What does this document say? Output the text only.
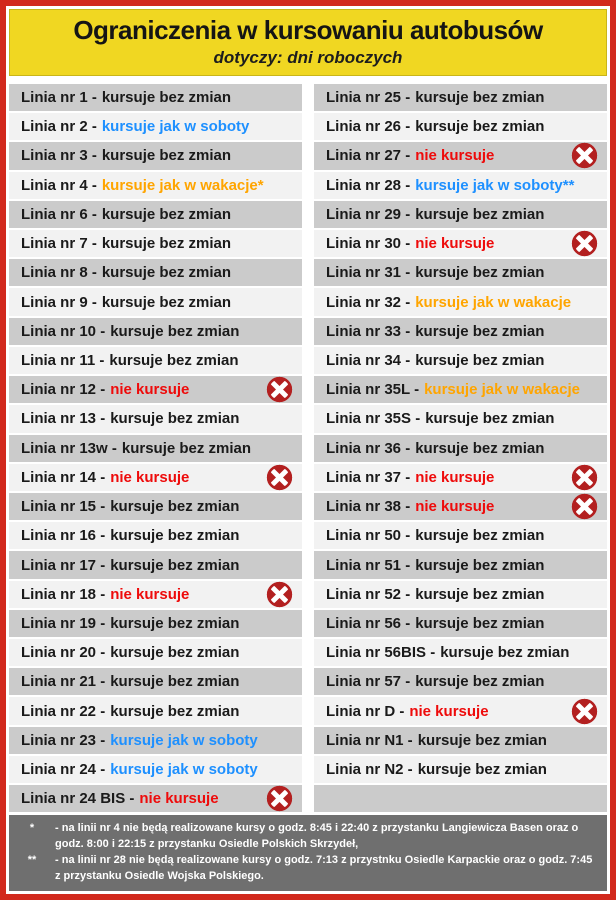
Ograniczenia w kursowaniu autobusów
dotyczy: dni roboczych
Linia nr 1 - kursuje bez zmian
Linia nr 2 - kursuje jak w soboty
Linia nr 3 - kursuje bez zmian
Linia nr 4 - kursuje jak w wakacje*
Linia nr 6 - kursuje bez zmian
Linia nr 7 - kursuje bez zmian
Linia nr 8 - kursuje bez zmian
Linia nr 9 - kursuje bez zmian
Linia nr 10 - kursuje bez zmian
Linia nr 11 - kursuje bez zmian
Linia nr 12 - nie kursuje
Linia nr 13 - kursuje bez zmian
Linia nr 13w - kursuje bez zmian
Linia nr 14 - nie kursuje
Linia nr 15 - kursuje bez zmian
Linia nr 16 - kursuje bez zmian
Linia nr 17 - kursuje bez zmian
Linia nr 18 - nie kursuje
Linia nr 19 - kursuje bez zmian
Linia nr 20 - kursuje bez zmian
Linia nr 21 - kursuje bez zmian
Linia nr 22 - kursuje bez zmian
Linia nr 23 - kursuje jak w soboty
Linia nr 24 - kursuje jak w soboty
Linia nr 24 BIS - nie kursuje
Linia nr 25 - kursuje bez zmian
Linia nr 26 - kursuje bez zmian
Linia nr 27 - nie kursuje
Linia nr 28 - kursuje jak w soboty**
Linia nr 29 - kursuje bez zmian
Linia nr 30 - nie kursuje
Linia nr 31 - kursuje bez zmian
Linia nr 32 - kursuje jak w wakacje
Linia nr 33 - kursuje bez zmian
Linia nr 34 - kursuje bez zmian
Linia nr 35L - kursuje jak w wakacje
Linia nr 35S - kursuje bez zmian
Linia nr 36 - kursuje bez zmian
Linia nr 37 - nie kursuje
Linia nr 38 - nie kursuje
Linia nr 50 - kursuje bez zmian
Linia nr 51 - kursuje bez zmian
Linia nr 52 - kursuje bez zmian
Linia nr 56 - kursuje bez zmian
Linia nr 56BIS - kursuje bez zmian
Linia nr 57 - kursuje bez zmian
Linia nr D - nie kursuje
Linia nr N1 - kursuje bez zmian
Linia nr N2 - kursuje bez zmian
*	- na linii nr 4 nie będą realizowane kursy o godz. 8:45 i 22:40 z przystanku Langiewicza Basen oraz o godz. 8:00 i 22:15 z przystanku Osiedle Polskich Skrzydeł,
**	- na linii nr 28 nie będą realizowane kursy o godz. 7:13 z przystnku Osiedle Karpackie oraz o godz. 7:45 z przystanku Osiedle Wojska Polskiego.
